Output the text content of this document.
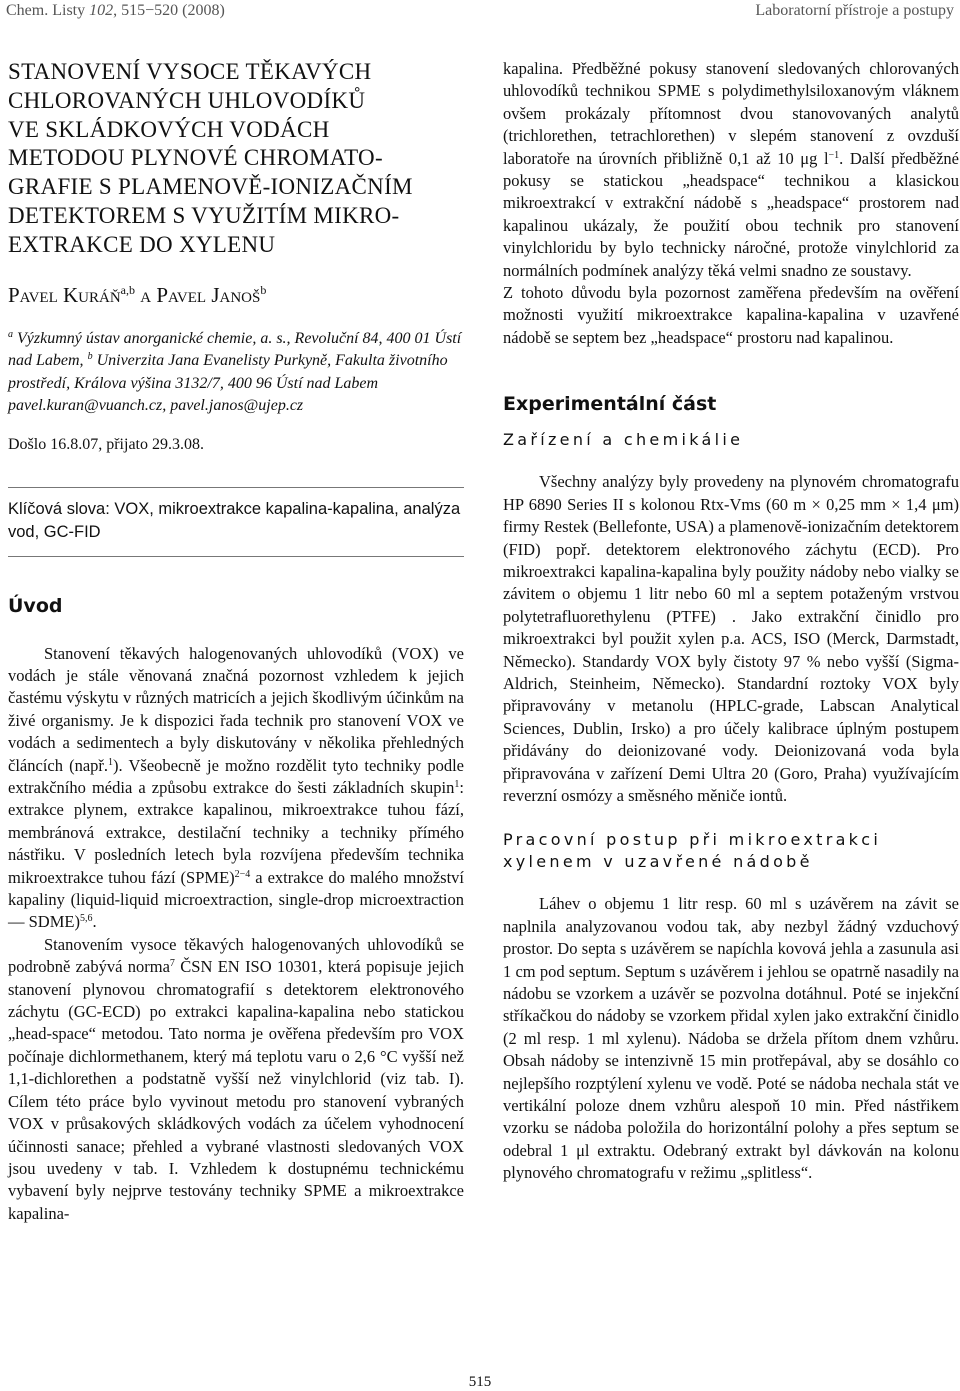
Chem. Listy 102, 515−520 (2008)	Laboratorní přístroje a postupy
STANOVENÍ VYSOCE TĚKAVÝCH
CHLOROVANÝCH UHLOVODÍKŮ
VE SKLÁDKOVÝCH VODÁCH
METODOU PLYNOVÉ CHROMATO-
GRAFIE S PLAMENOVĚ-IONIZAČNÍM
DETEKTOREM S VYUŽITÍM MIKRO-
EXTRAKCE DO XYLENU
Pavel Kuráň$^{a,b}$ a Pavel Janoš$^b$
$^a$ Výzkumný ústav anorganické chemie, a. s., Revoluční 84, 400 01 Ústí nad Labem, $^b$ Univerzita Jana Evanelisty Purkyně, Fakulta životního prostředí, Králova výšina 3132/7, 400 96 Ústí nad Labem
pavel.kuran@vuanch.cz, pavel.janos@ujep.cz
Došlo 16.8.07, přijato 29.3.08.
Klíčová slova: VOX, mikroextrakce kapalina-kapalina, analýza vod, GC-FID
Úvod

Stanovení těkavých halogenovaných uhlovodíků (VOX) ve vodách je stále věnovaná značná pozornost vzhledem k jejich častému výskytu v různých matricích a jejich škodlivým účinkům na živé organismy. Je k dispozici řada technik pro stanovení VOX ve vodách a sedimentech a byly diskutovány v několika přehledných článcích (např.$^1$). Všeobecně je možno rozdělit tyto techniky podle extrakčního média a způsobu extrakce do šesti základních skupin$^1$: extrakce plynem, extrakce kapalinou, mikroextrakce tuhou fází, membránová extrakce, destilační techniky a techniky přímého nástřiku. V posledních letech byla rozvíjena především technika mikroextrakce tuhou fází (SPME)$^{2-4}$ a extrakce do malého množství kapaliny (liquid-liquid microextraction, single-drop microextraction — SDME)$^{5,6}$.

Stanovením vysoce těkavých halogenovaných uhlovodíků se podrobně zabývá norma$^7$ ČSN EN ISO 10301, která popisuje jejich stanovení plynovou chromatografií s detektorem elektronového záchytu (GC-ECD) po extrakci kapalina-kapalina nebo statickou „head-space“ metodou. Tato norma je ověřena především pro VOX počínaje dichlormethanem, který má teplotu varu o 2,6 °C vyšší než 1,1-dichlorethen a podstatně vyšší než vinylchlorid (viz tab. I). Cílem této práce bylo vyvinout metodu pro stanovení vybraných VOX v průsakových skládkových vodách za účelem vyhodnocení účinnosti sanace; přehled a vybrané vlastnosti sledovaných VOX jsou uvedeny v tab. I. Vzhledem k dostupnému technickému vybavení byly nejprve testovány techniky SPME a mikroextrakce kapalina-

kapalina. Předběžné pokusy stanovení sledovaných chlorovaných uhlovodíků technikou SPME s polydimethylsiloxanovým vláknem ovšem prokázaly přítomnost dvou stanovovaných analytů (trichlorethen, tetrachlorethen) v slepém stanovení z ovzduší laboratoře na úrovních přibližně 0,1 až 10 μg $l^{-1}$. Další předběžné pokusy se statickou „headspace“ technikou a klasickou mikroextrakcí v extrakční nádobě s „headspace“ prostorem nad kapalinou ukázaly, že použití obou technik pro stanovení vinylchloridu by bylo technicky náročné, protože vinylchlorid za normálních podmínek analýzy těká velmi snadno ze soustavy.

Z tohoto důvodu byla pozornost zaměřena především na ověření možnosti využití mikroextrakce kapalina-kapalina v uzavřené nádobě se septem bez „headspace“ prostoru nad kapalinou.

Experimentální část
Zařízení a chemikálie

Všechny analýzy byly provedeny na plynovém chromatografu HP 6890 Series II s kolonou Rtx-Vms (60 m × 0,25 mm × 1,4 μm) firmy Restek (Bellefonte, USA) a plamenově-ionizačním detektorem (FID) popř. detektorem elektronového záchytu (ECD). Pro mikroextrakci kapalina-kapalina byly použity nádoby nebo vialky se závitem o objemu 1 litr nebo 60 ml a septem potaženým vrstvou polytetrafluorethylenu (PTFE) . Jako extrakční činidlo pro mikroextrakci byl použit xylen p.a. ACS, ISO (Merck, Darmstadt, Německo). Standardy VOX byly čistoty 97 % nebo vyšší (Sigma-Aldrich, Steinheim, Německo). Standardní roztoky VOX byly připravovány v metanolu (HPLC-grade, Labscan Analytical Sciences, Dublin, Irsko) a pro účely kalibrace úplným postupem přidávány do deionizované vody. Deionizovaná voda byla připravována v zařízení Demi Ultra 20 (Goro, Praha) využívajícím reverzní osmózy a směsného měniče iontů.

Pracovní postup při mikroextrakci xylenem v uzavřené nádobě

Láhev o objemu 1 litr resp. 60 ml s uzávěrem na závit se naplnila analyzovanou vodou tak, aby nezbyl žádný vzduchový prostor. Do septa s uzávěrem se napíchla kovová jehla a zasunula asi 1 cm pod septum. Septum s uzávěrem i jehlou se opatrně nasadily na nádobu se vzorkem a uzávěr se pozvolna dotáhnul. Poté se injekční stříkačkou do nádoby se vzorkem přidal xylen jako extrakční činidlo (2 ml resp. 1 ml xylenu). Nádoba se držela přítom dnem vzhůru. Obsah nádoby se intenzivně 15 min protřepával, aby se dosáhlo co nejlepšího rozptýlení xylenu ve vodě. Poté se nádoba nechala stát ve vertikální poloze dnem vzhůru alespoň 10 min. Před nástřikem vzorku se nádoba položila do horizontální polohy a přes septum se odebral 1 μl extraktu. Odebraný extrakt byl dávkován na kolonu plynového chromatografu v režimu „splitless“.

515
